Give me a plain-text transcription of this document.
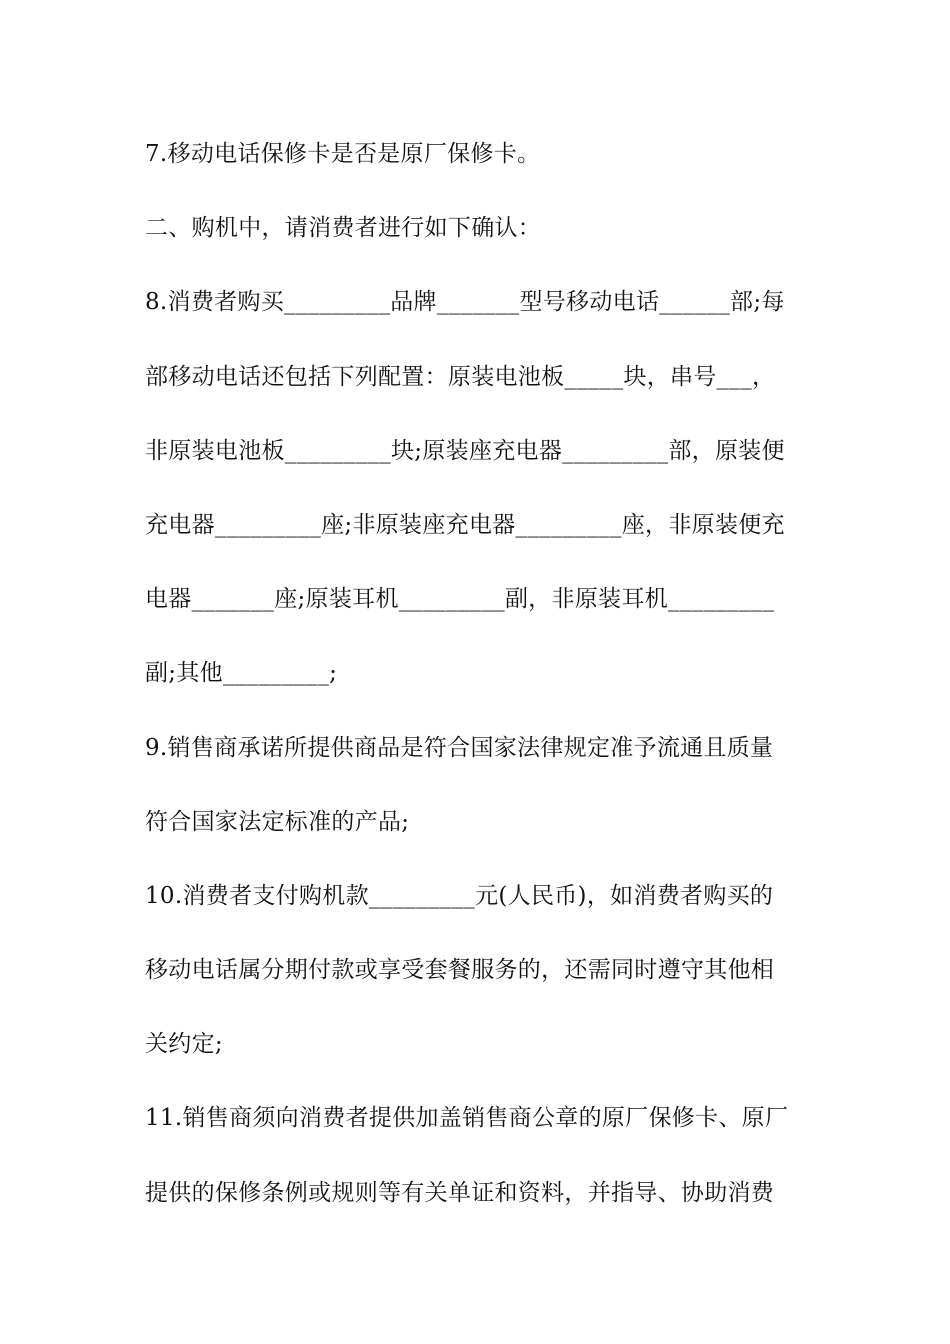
7.移动电话保修卡是否是原厂保修卡。
二、购机中，请消费者进行如下确认：
8.消费者购买_________品牌_______型号移动电话______部;每
部移动电话还包括下列配置：原装电池板_____块，串号___，
非原装电池板_________块;原装座充电器_________部，原装便
充电器_________座;非原装座充电器_________座，非原装便充
电器_______座;原装耳机_________副，非原装耳机_________
副;其他_________;
9.销售商承诺所提供商品是符合国家法律规定准予流通且质量
符合国家法定标准的产品;
10.消费者支付购机款_________元(人民币)，如消费者购买的
移动电话属分期付款或享受套餐服务的，还需同时遵守其他相
关约定;
11.销售商须向消费者提供加盖销售商公章的原厂保修卡、原厂
提供的保修条例或规则等有关单证和资料，并指导、协助消费
